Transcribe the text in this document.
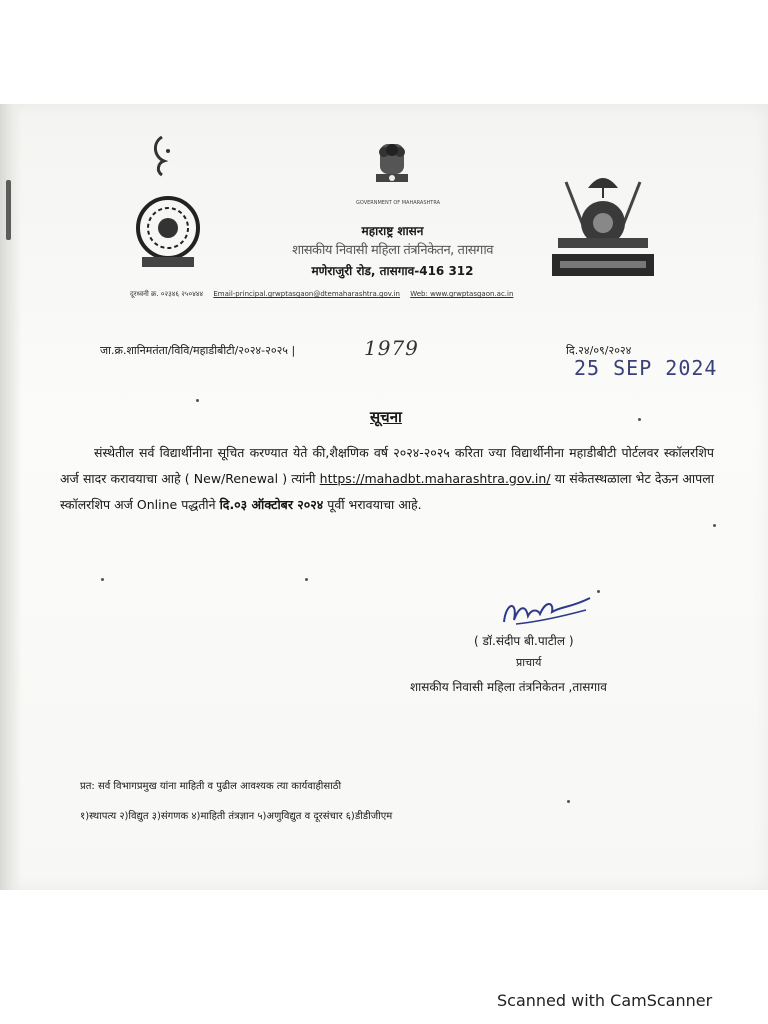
GOVERNMENT OF MAHARASHTRA
महाराष्ट्र शासन
शासकीय निवासी महिला तंत्रनिकेतन, तासगाव
मणेराजुरी रोड, तासगाव-416 312
दूरध्वनी क्र. ०२३४६ २५०४४४ Email-principal.grwptasgaon@dtemaharashtra.gov.in Web: www.grwptasgaon.ac.in
जा.क्र.शानिमतंता/विवि/महाडीबीटी/२०२४-२०२५ |	1979	दि.२४/०९/२०२४
25 SEP 2024
सूचना
संस्थेतील सर्व विद्यार्थीनीना सूचित करण्यात येते की,शैक्षणिक वर्ष २०२४-२०२५ करिता ज्या विद्यार्थीनीना महाडीबीटी पोर्टलवर स्कॉलरशिप अर्ज सादर करावयाचा आहे ( New/Renewal ) त्यांनी https://mahadbt.maharashtra.gov.in/ या संकेतस्थळाला भेट देऊन आपला स्कॉलरशिप अर्ज Online पद्धतीने दि.०३ ऑक्टोबर २०२४ पूर्वी भरावयाचा आहे.
( डॉ.संदीप बी.पाटील )
प्राचार्य
शासकीय निवासी महिला तंत्रनिकेतन ,तासगाव
प्रत: सर्व विभागप्रमुख यांना माहिती व पुढील आवश्यक त्या कार्यवाहीसाठी
१)स्थापत्य २)विद्युत ३)संगणक ४)माहिती तंत्रज्ञान ५)अणुविद्युत व दूरसंचार ६)डीडीजीएम
Scanned with CamScanner
